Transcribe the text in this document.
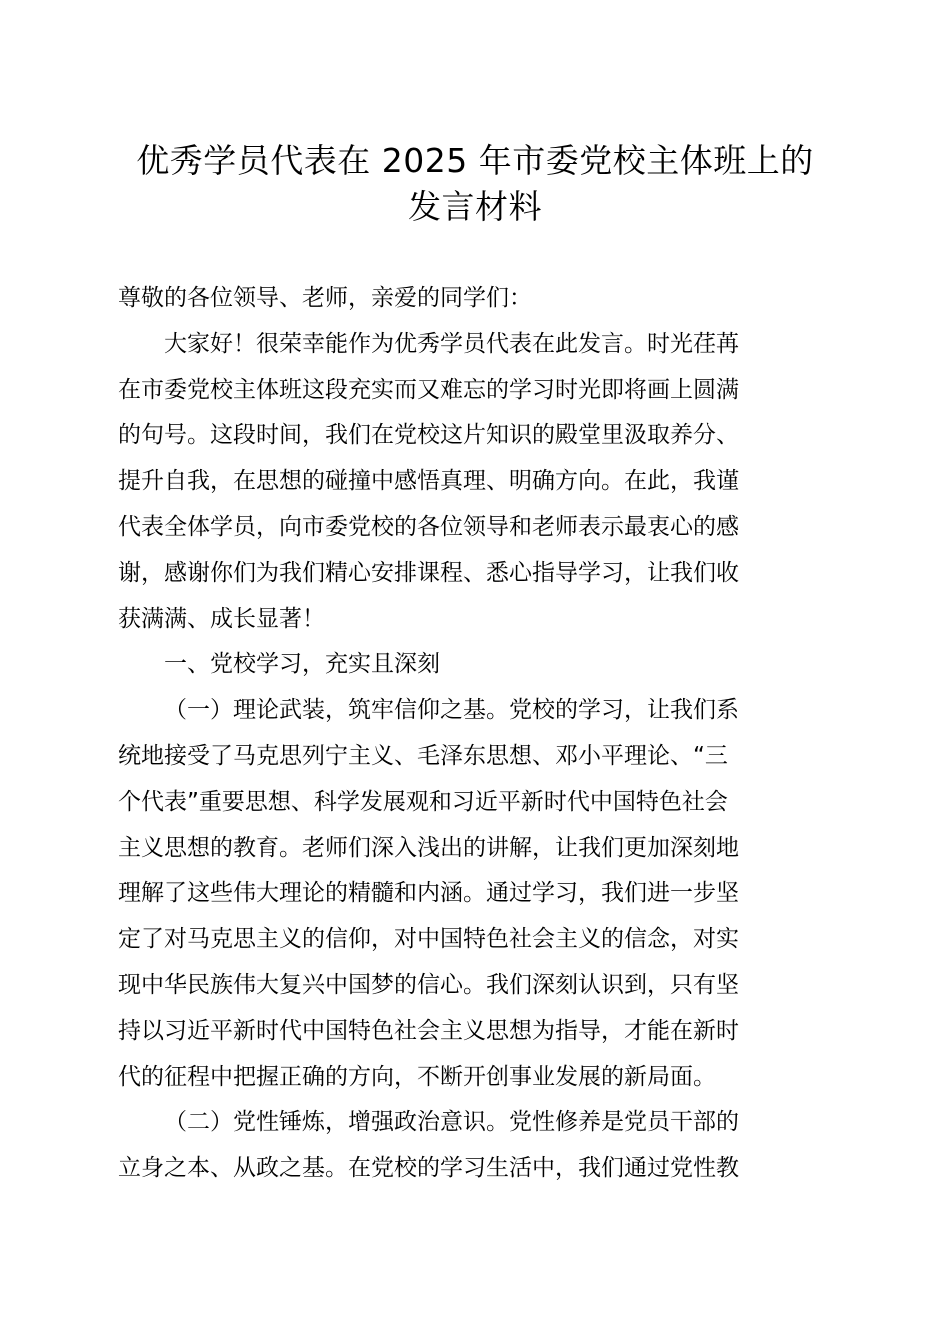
优秀学员代表在 2025 年市委党校主体班上的
发言材料
尊敬的各位领导、老师，亲爱的同学们：
大家好！很荣幸能作为优秀学员代表在此发言。时光荏苒
在市委党校主体班这段充实而又难忘的学习时光即将画上圆满
的句号。这段时间，我们在党校这片知识的殿堂里汲取养分、
提升自我，在思想的碰撞中感悟真理、明确方向。在此，我谨
代表全体学员，向市委党校的各位领导和老师表示最衷心的感
谢，感谢你们为我们精心安排课程、悉心指导学习，让我们收
获满满、成长显著！
一、党校学习，充实且深刻
（一）理论武装，筑牢信仰之基。党校的学习，让我们系
统地接受了马克思列宁主义、毛泽东思想、邓小平理论、“三
个代表”重要思想、科学发展观和习近平新时代中国特色社会
主义思想的教育。老师们深入浅出的讲解，让我们更加深刻地
理解了这些伟大理论的精髓和内涵。通过学习，我们进一步坚
定了对马克思主义的信仰，对中国特色社会主义的信念，对实
现中华民族伟大复兴中国梦的信心。我们深刻认识到，只有坚
持以习近平新时代中国特色社会主义思想为指导，才能在新时
代的征程中把握正确的方向，不断开创事业发展的新局面。
（二）党性锤炼，增强政治意识。党性修养是党员干部的
立身之本、从政之基。在党校的学习生活中，我们通过党性教
